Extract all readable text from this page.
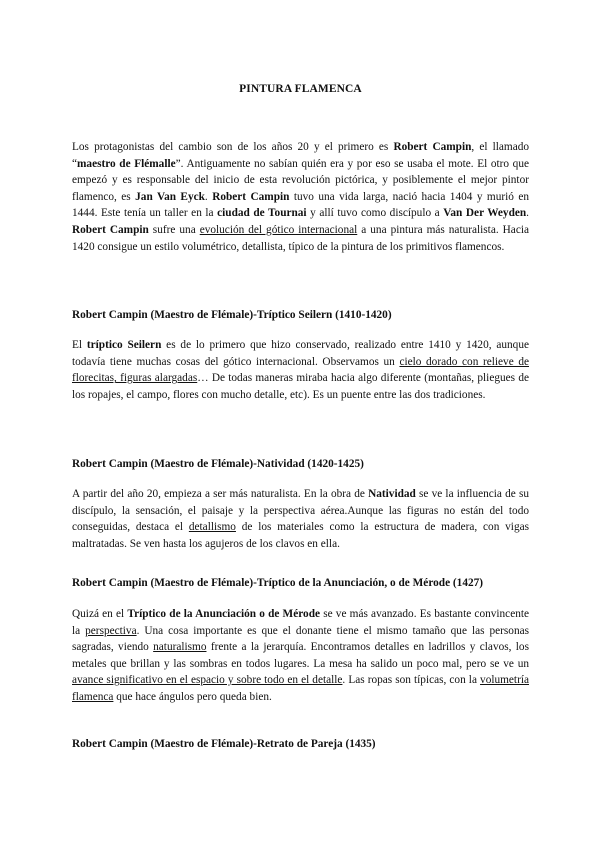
PINTURA FLAMENCA
Los protagonistas del cambio son de los años 20 y el primero es Robert Campin, el llamado “maestro de Flémalle”. Antiguamente no sabían quién era y por eso se usaba el mote. El otro que empezó y es responsable del inicio de esta revolución pictórica, y posiblemente el mejor pintor flamenco, es Jan Van Eyck. Robert Campin tuvo una vida larga, nació hacia 1404 y murió en 1444. Este tenía un taller en la ciudad de Tournai y allí tuvo como discípulo a Van Der Weyden. Robert Campin sufre una evolución del gótico internacional a una pintura más naturalista. Hacia 1420 consigue un estilo volumétrico, detallista, típico de la pintura de los primitivos flamencos.
Robert Campin (Maestro de Flémale)-Tríptico Seilern (1410-1420)
El tríptico Seilern es de lo primero que hizo conservado, realizado entre 1410 y 1420, aunque todavía tiene muchas cosas del gótico internacional. Observamos un cielo dorado con relieve de florecitas, figuras alargadas… De todas maneras miraba hacia algo diferente (montañas, pliegues de los ropajes, el campo, flores con mucho detalle, etc). Es un puente entre las dos tradiciones.
Robert Campin (Maestro de Flémale)-Natividad (1420-1425)
A partir del año 20, empieza a ser más naturalista. En la obra de Natividad se ve la influencia de su discípulo, la sensación, el paisaje y la perspectiva aérea.Aunque las figuras no están del todo conseguidas, destaca el detallismo de los materiales como la estructura de madera, con vigas maltratadas. Se ven hasta los agujeros de los clavos en ella.
Robert Campin (Maestro de Flémale)-Tríptico de la Anunciación, o de Mérode (1427)
Quizá en el Tríptico de la Anunciación o de Mérode se ve más avanzado. Es bastante convincente la perspectiva. Una cosa importante es que el donante tiene el mismo tamaño que las personas sagradas, viendo naturalismo frente a la jerarquía. Encontramos detalles en ladrillos y clavos, los metales que brillan y las sombras en todos lugares. La mesa ha salido un poco mal, pero se ve un avance significativo en el espacio y sobre todo en el detalle. Las ropas son típicas, con la volumetría flamenca que hace ángulos pero queda bien.
Robert Campin (Maestro de Flémale)-Retrato de Pareja (1435)
